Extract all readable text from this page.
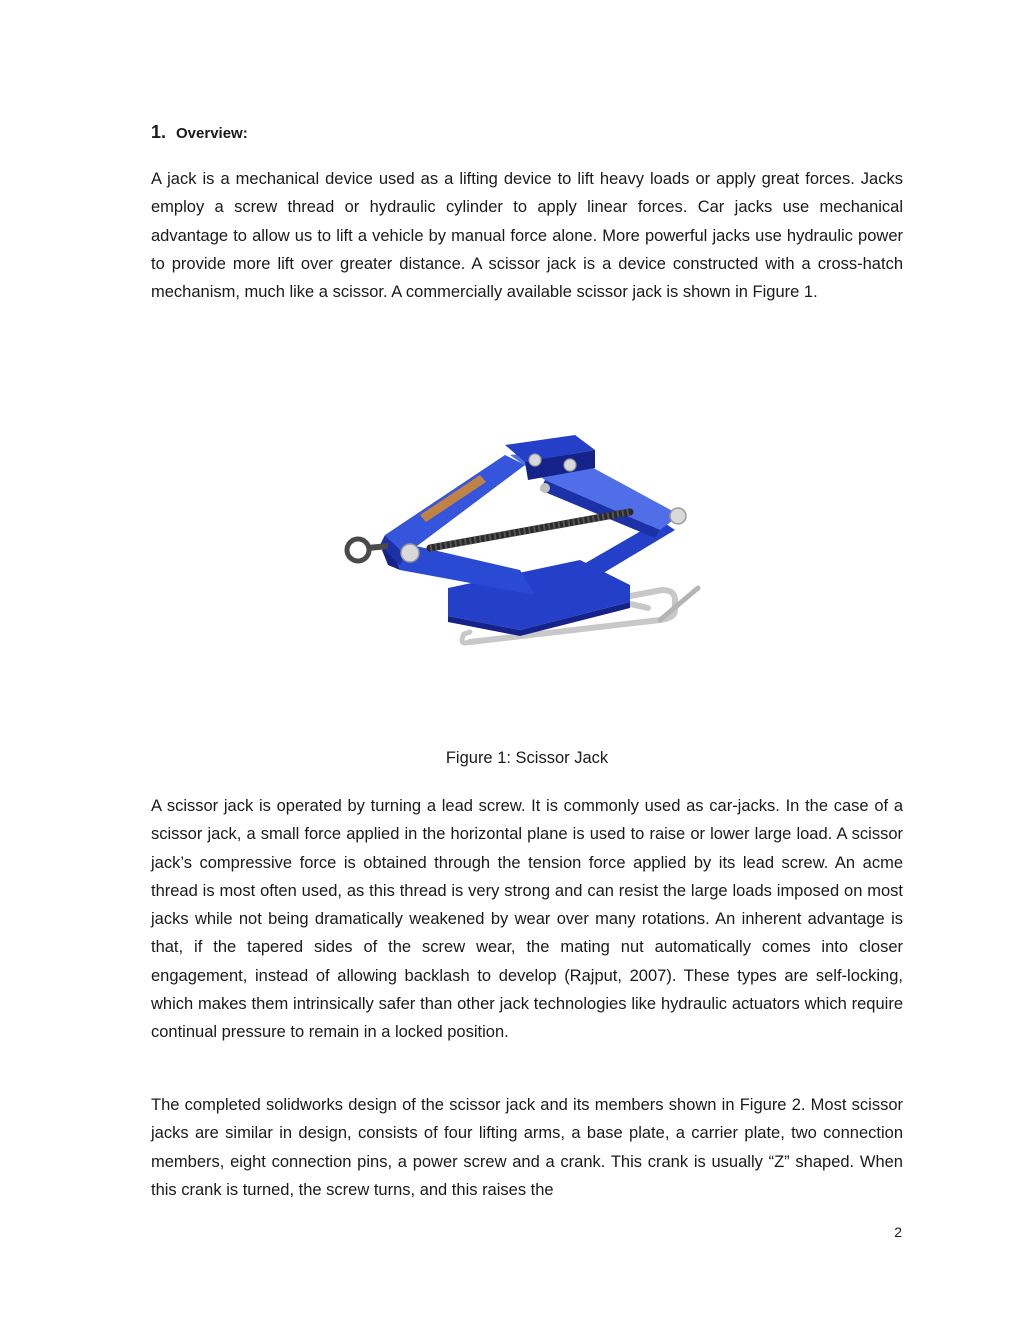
1. Overview:

A jack is a mechanical device used as a lifting device to lift heavy loads or apply great forces. Jacks employ a screw thread or hydraulic cylinder to apply linear forces. Car jacks use mechanical advantage to allow us to lift a vehicle by manual force alone. More powerful jacks use hydraulic power to provide more lift over greater distance. A scissor jack is a device constructed with a cross-hatch mechanism, much like a scissor. A commercially available scissor jack is shown in Figure 1.

Figure 1: Scissor Jack

A scissor jack is operated by turning a lead screw. It is commonly used as car-jacks. In the case of a scissor jack, a small force applied in the horizontal plane is used to raise or lower large load. A scissor jack’s compressive force is obtained through the tension force applied by its lead screw. An acme thread is most often used, as this thread is very strong and can resist the large loads imposed on most jacks while not being dramatically weakened by wear over many rotations. An inherent advantage is that, if the tapered sides of the screw wear, the mating nut automatically comes into closer engagement, instead of allowing backlash to develop (Rajput, 2007). These types are self-locking, which makes them intrinsically safer than other jack technologies like hydraulic actuators which require continual pressure to remain in a locked position.

The completed solidworks design of the scissor jack and its members shown in Figure 2. Most scissor jacks are similar in design, consists of four lifting arms, a base plate, a carrier plate, two connection members, eight connection pins, a power screw and a crank. This crank is usually “Z” shaped. When this crank is turned, the screw turns, and this raises the

2
